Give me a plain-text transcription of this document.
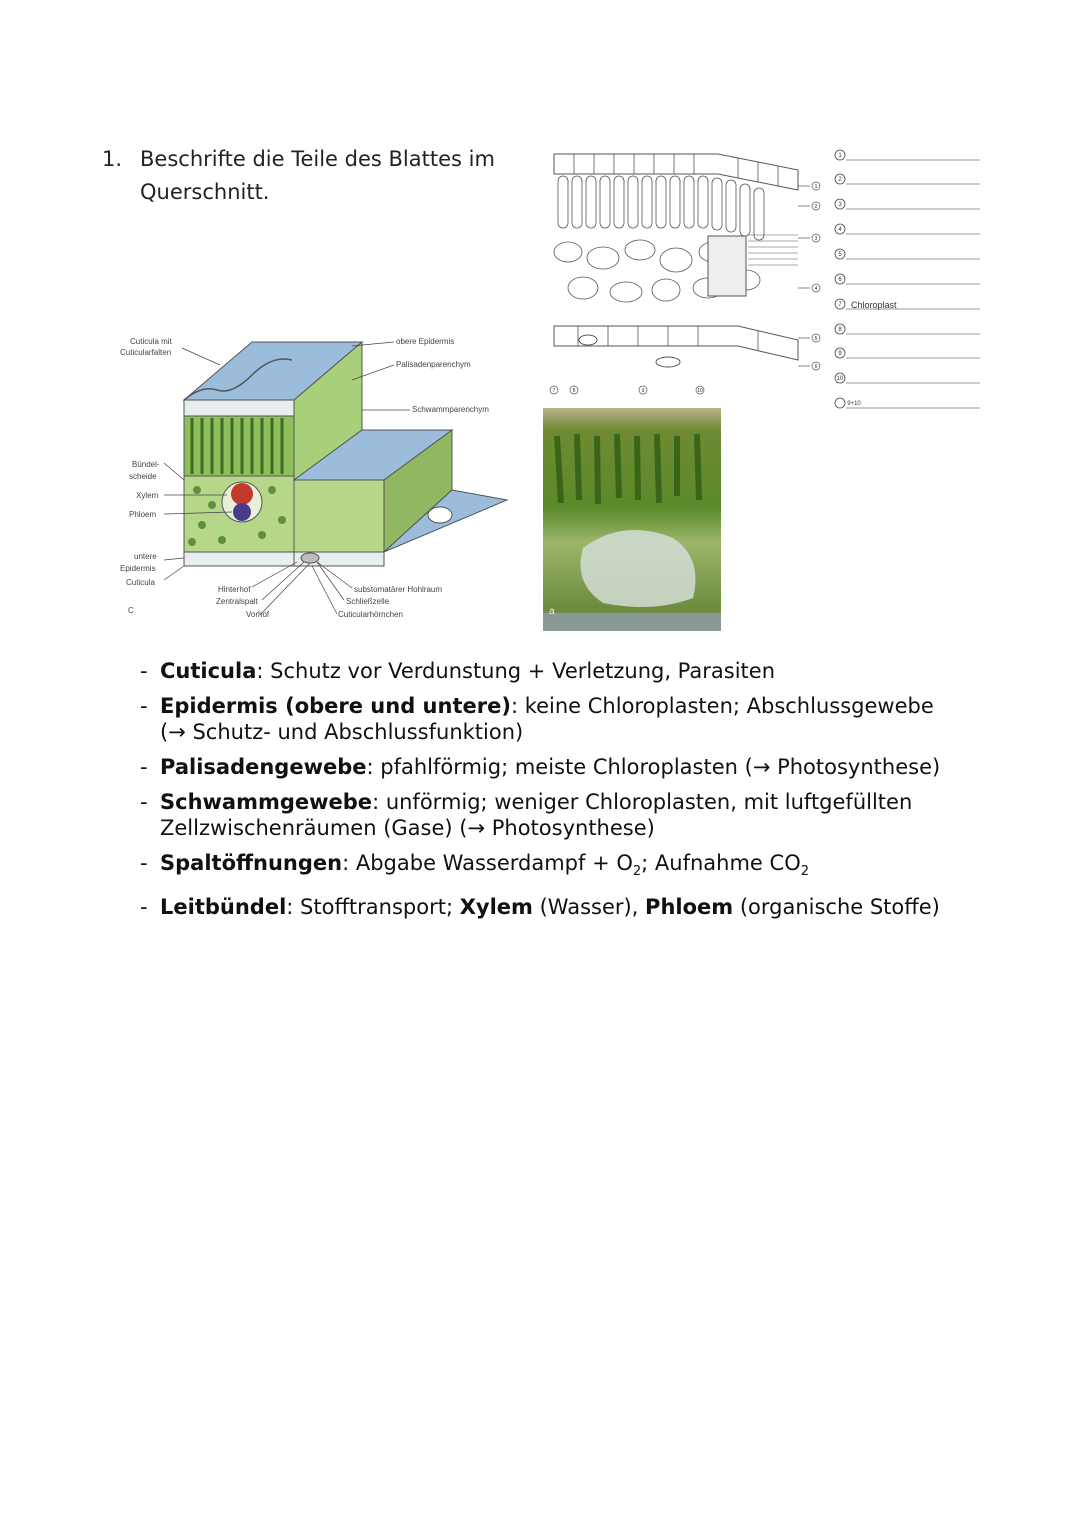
1. Beschrifte die Teile des Blattes im Querschnitt.
Cuticula mit
Cuticularfalten
obere Epidermis
Palisadenparenchym
Schwammparenchym
Bündel-
scheide
Xylem
Phloem
untere
Epidermis
Cuticula
Hinterhof
Zentralspalt
Vorhof
substomatärer Hohlraum
Schließzelle
Cuticularhörnchen
C
1
2
3
4
5
6
7	8	9	10
1
2
3
4
5
6
7
8
9
10
9+10
Chloroplast
a
- Cuticula: Schutz vor Verdunstung + Verletzung, Parasiten
- Epidermis (obere und untere): keine Chloroplasten; Abschlussgewebe (→ Schutz- und Abschlussfunktion)
- Palisadengewebe: pfahlförmig; meiste Chloroplasten (→ Photosynthese)
- Schwammgewebe: unförmig; weniger Chloroplasten, mit luftgefüllten Zellzwischenräumen (Gase) (→ Photosynthese)
- Spaltöffnungen: Abgabe Wasserdampf + $O_2$; Aufnahme $CO_2$
- Leitbündel: Stofftransport; Xylem (Wasser), Phloem (organische Stoffe)
